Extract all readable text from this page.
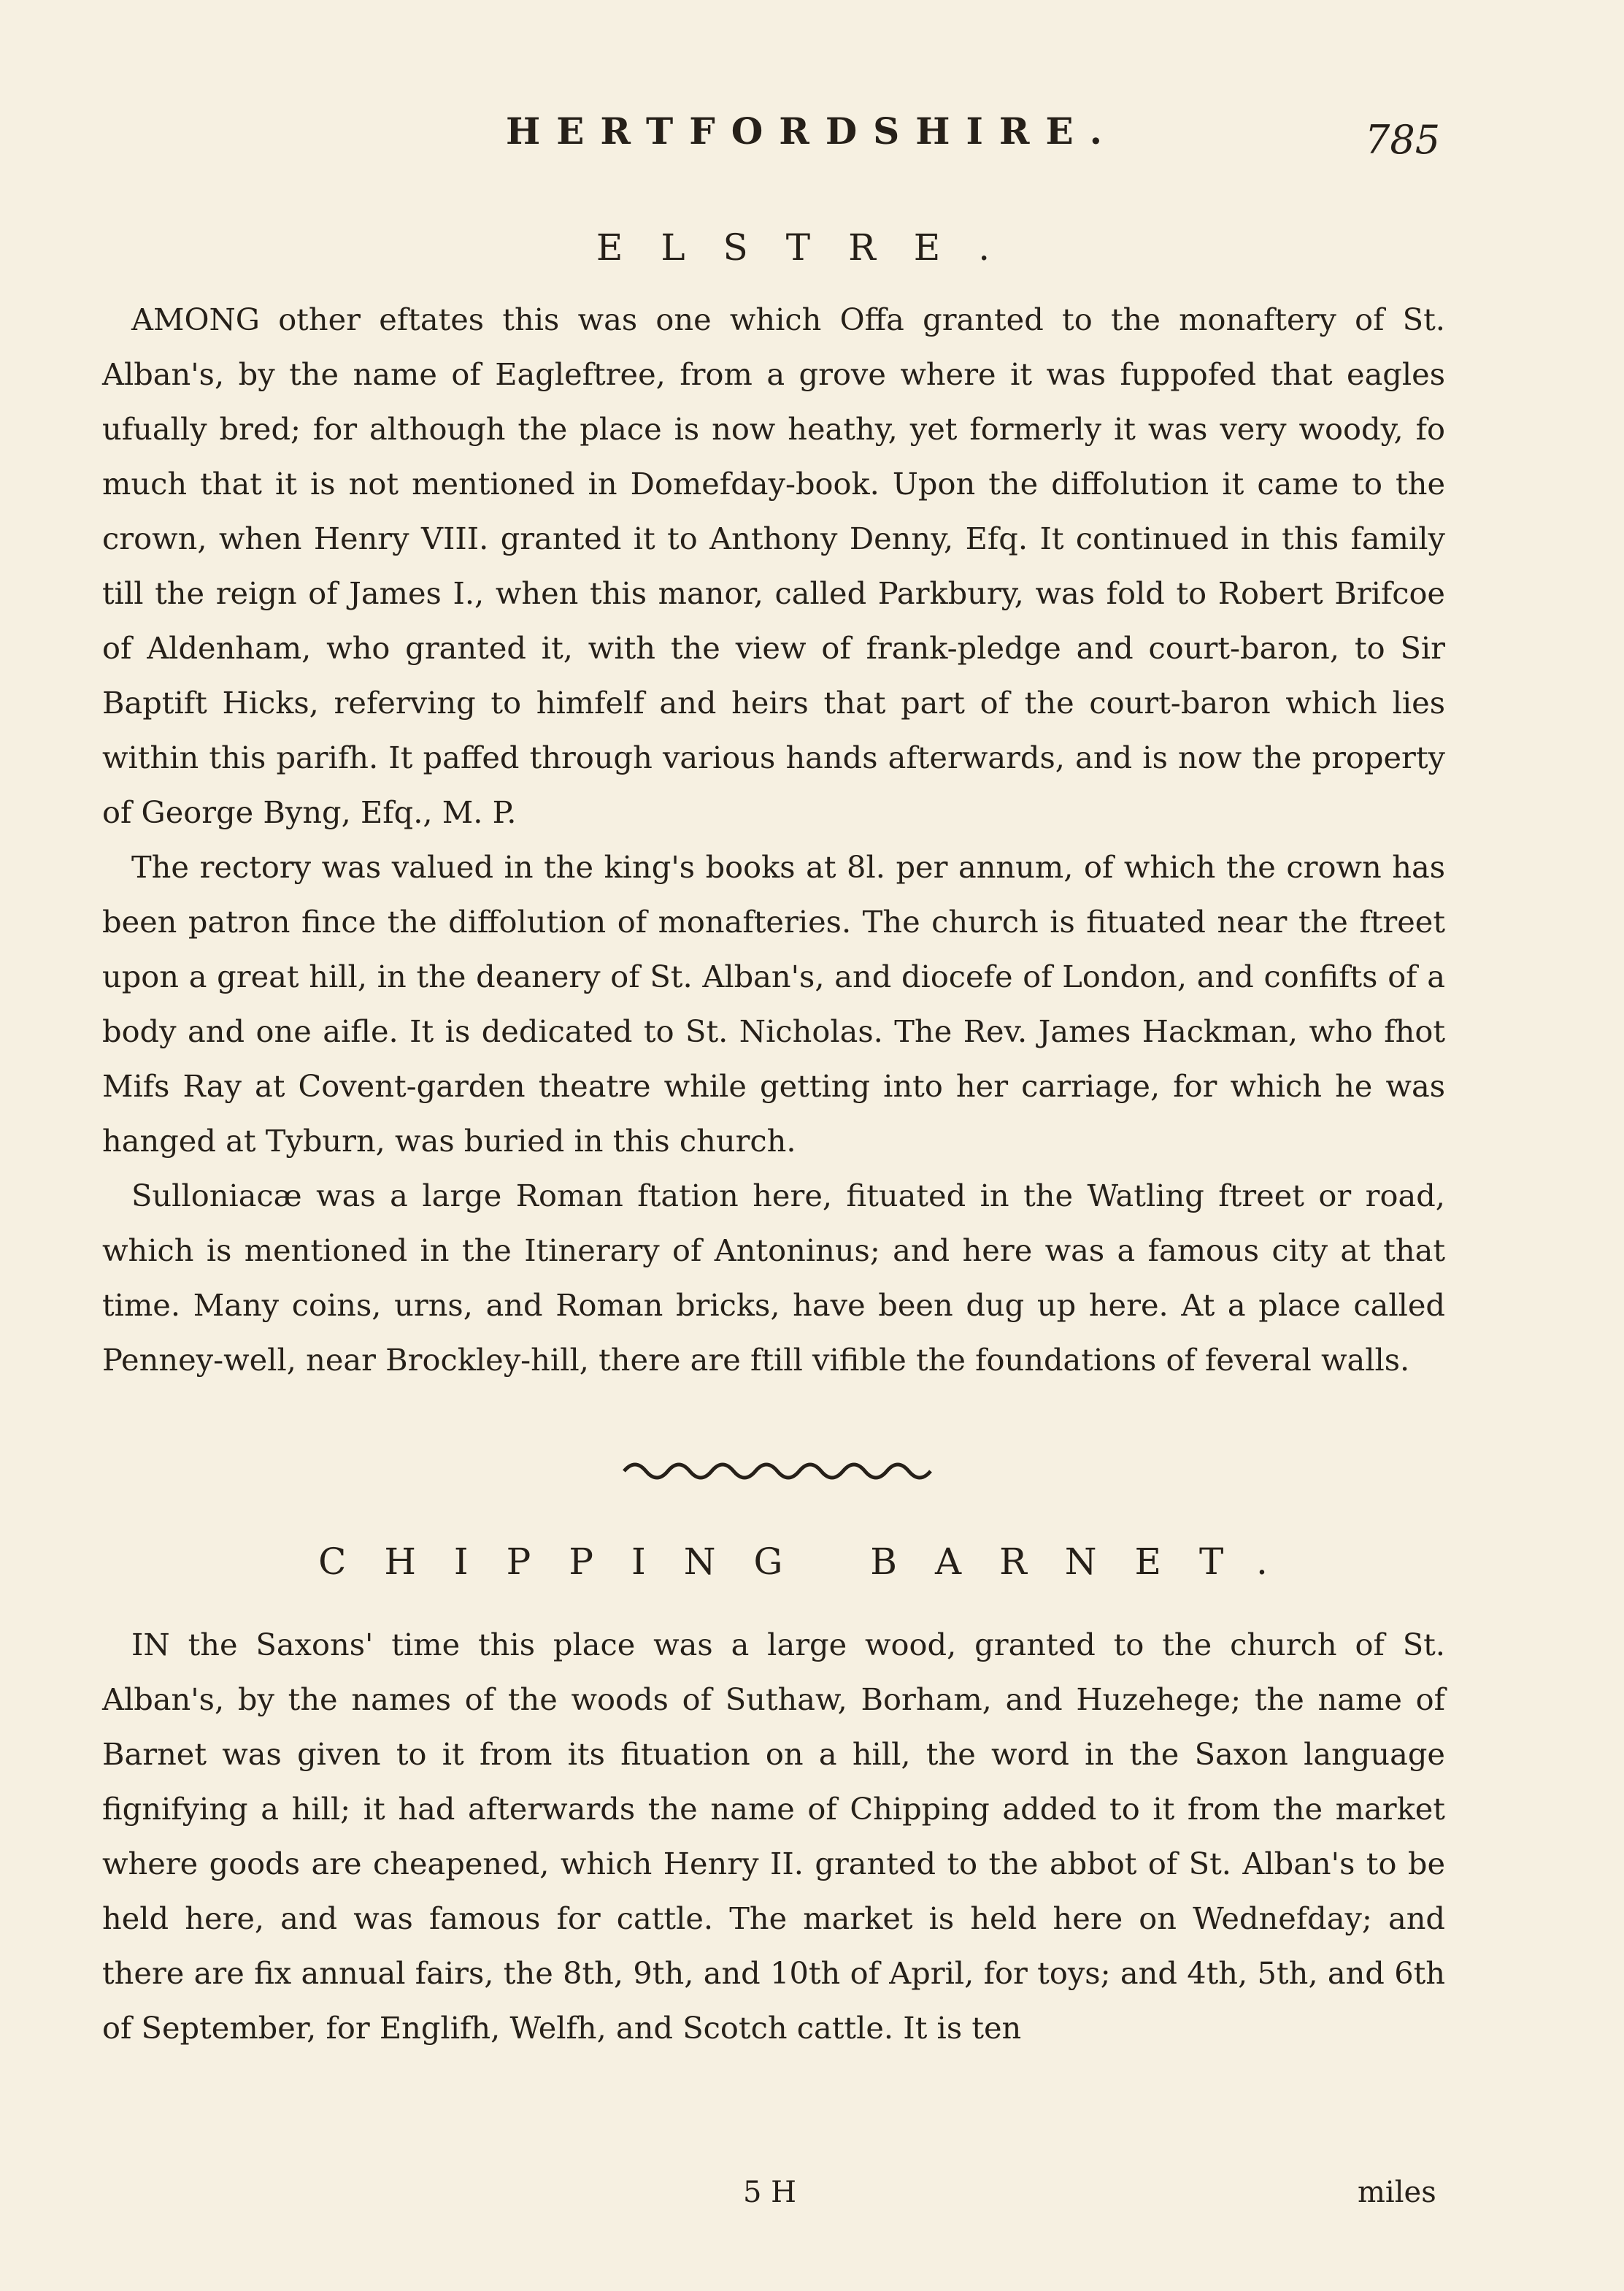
HERTFORDSHIRE.	785
ELSTRE.

AMONG other eftates this was one which Offa granted to the monaftery of St. Alban's, by the name of Eagleftree, from a grove where it was fuppofed that eagles ufually bred; for although the place is now heathy, yet formerly it was very woody, fo much that it is not mentioned in Domefday-book. Upon the diffolution it came to the crown, when Henry VIII. granted it to Anthony Denny, Efq. It continued in this family till the reign of James I., when this manor, called Parkbury, was fold to Robert Brifcoe of Aldenham, who granted it, with the view of frank-pledge and court-baron, to Sir Baptift Hicks, referving to himfelf and heirs that part of the court-baron which lies within this parifh. It paffed through various hands afterwards, and is now the property of George Byng, Efq., M. P.

The rectory was valued in the king's books at 8l. per annum, of which the crown has been patron fince the diffolution of monafteries. The church is fituated near the ftreet upon a great hill, in the deanery of St. Alban's, and diocefe of London, and confifts of a body and one aifle. It is dedicated to St. Nicholas. The Rev. James Hackman, who fhot Mifs Ray at Covent-garden theatre while getting into her carriage, for which he was hanged at Tyburn, was buried in this church.

Sulloniacæ was a large Roman ftation here, fituated in the Watling ftreet or road, which is mentioned in the Itinerary of Antoninus; and here was a famous city at that time. Many coins, urns, and Roman bricks, have been dug up here. At a place called Penney-well, near Brockley-hill, there are ftill vifible the foundations of feveral walls.

CHIPPING BARNET.

IN the Saxons' time this place was a large wood, granted to the church of St. Alban's, by the names of the woods of Suthaw, Borham, and Huzehege; the name of Barnet was given to it from its fituation on a hill, the word in the Saxon language fignifying a hill; it had afterwards the name of Chipping added to it from the market where goods are cheapened, which Henry II. granted to the abbot of St. Alban's to be held here, and was famous for cattle. The market is held here on Wednefday; and there are fix annual fairs, the 8th, 9th, and 10th of April, for toys; and 4th, 5th, and 6th of September, for Englifh, Welfh, and Scotch cattle. It is ten

5 H	miles
